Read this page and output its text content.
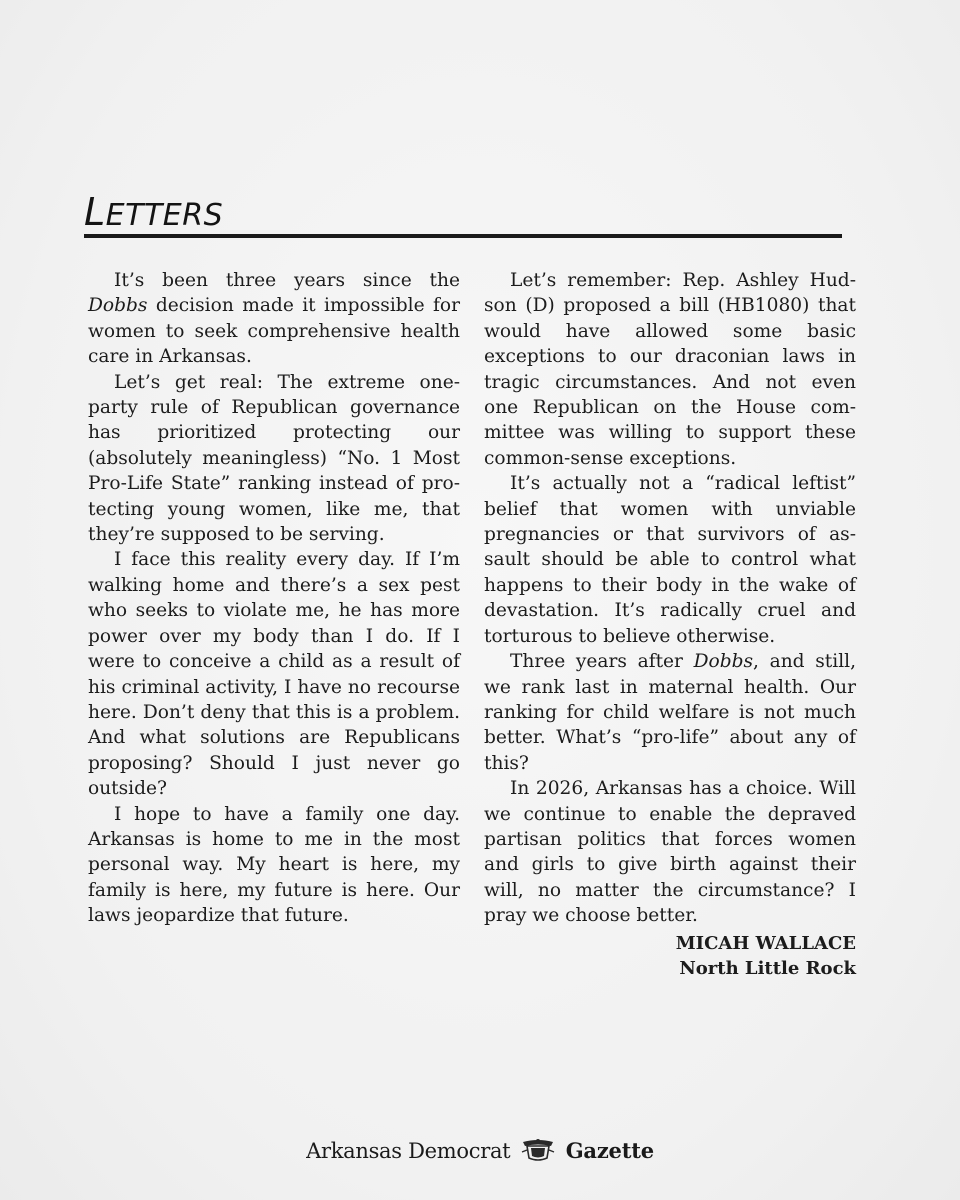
LETTERS

It’s been three years since the Dobbs decision made it impossible for women to seek comprehensive health care in Arkansas.

Let’s get real: The extreme one-party rule of Republican governance has prioritized protecting our (absolutely meaningless) “No. 1 Most Pro-Life State” ranking instead of protecting young women, like me, that they’re supposed to be serving.

I face this reality every day. If I’m walking home and there’s a sex pest who seeks to violate me, he has more power over my body than I do. If I were to conceive a child as a result of his criminal activity, I have no recourse here. Don’t deny that this is a problem. And what solutions are Republicans proposing? Should I just never go outside?

I hope to have a family one day. Arkansas is home to me in the most personal way. My heart is here, my family is here, my future is here. Our laws jeopardize that future.

Let’s remember: Rep. Ashley Hudson (D) proposed a bill (HB1080) that would have allowed some basic exceptions to our draconian laws in tragic circumstances. And not even one Republican on the House committee was willing to support these common-sense exceptions.

It’s actually not a “radical leftist” belief that women with unviable pregnancies or that survivors of assault should be able to control what happens to their body in the wake of devastation. It’s radically cruel and torturous to believe otherwise.

Three years after Dobbs, and still, we rank last in maternal health. Our ranking for child welfare is not much better. What’s “pro-life” about any of this?

In 2026, Arkansas has a choice. Will we continue to enable the depraved partisan politics that forces women and girls to give birth against their will, no matter the circumstance? I pray we choose better.

MICAH WALLACE
North Little Rock
Arkansas Democrat	Gazette
